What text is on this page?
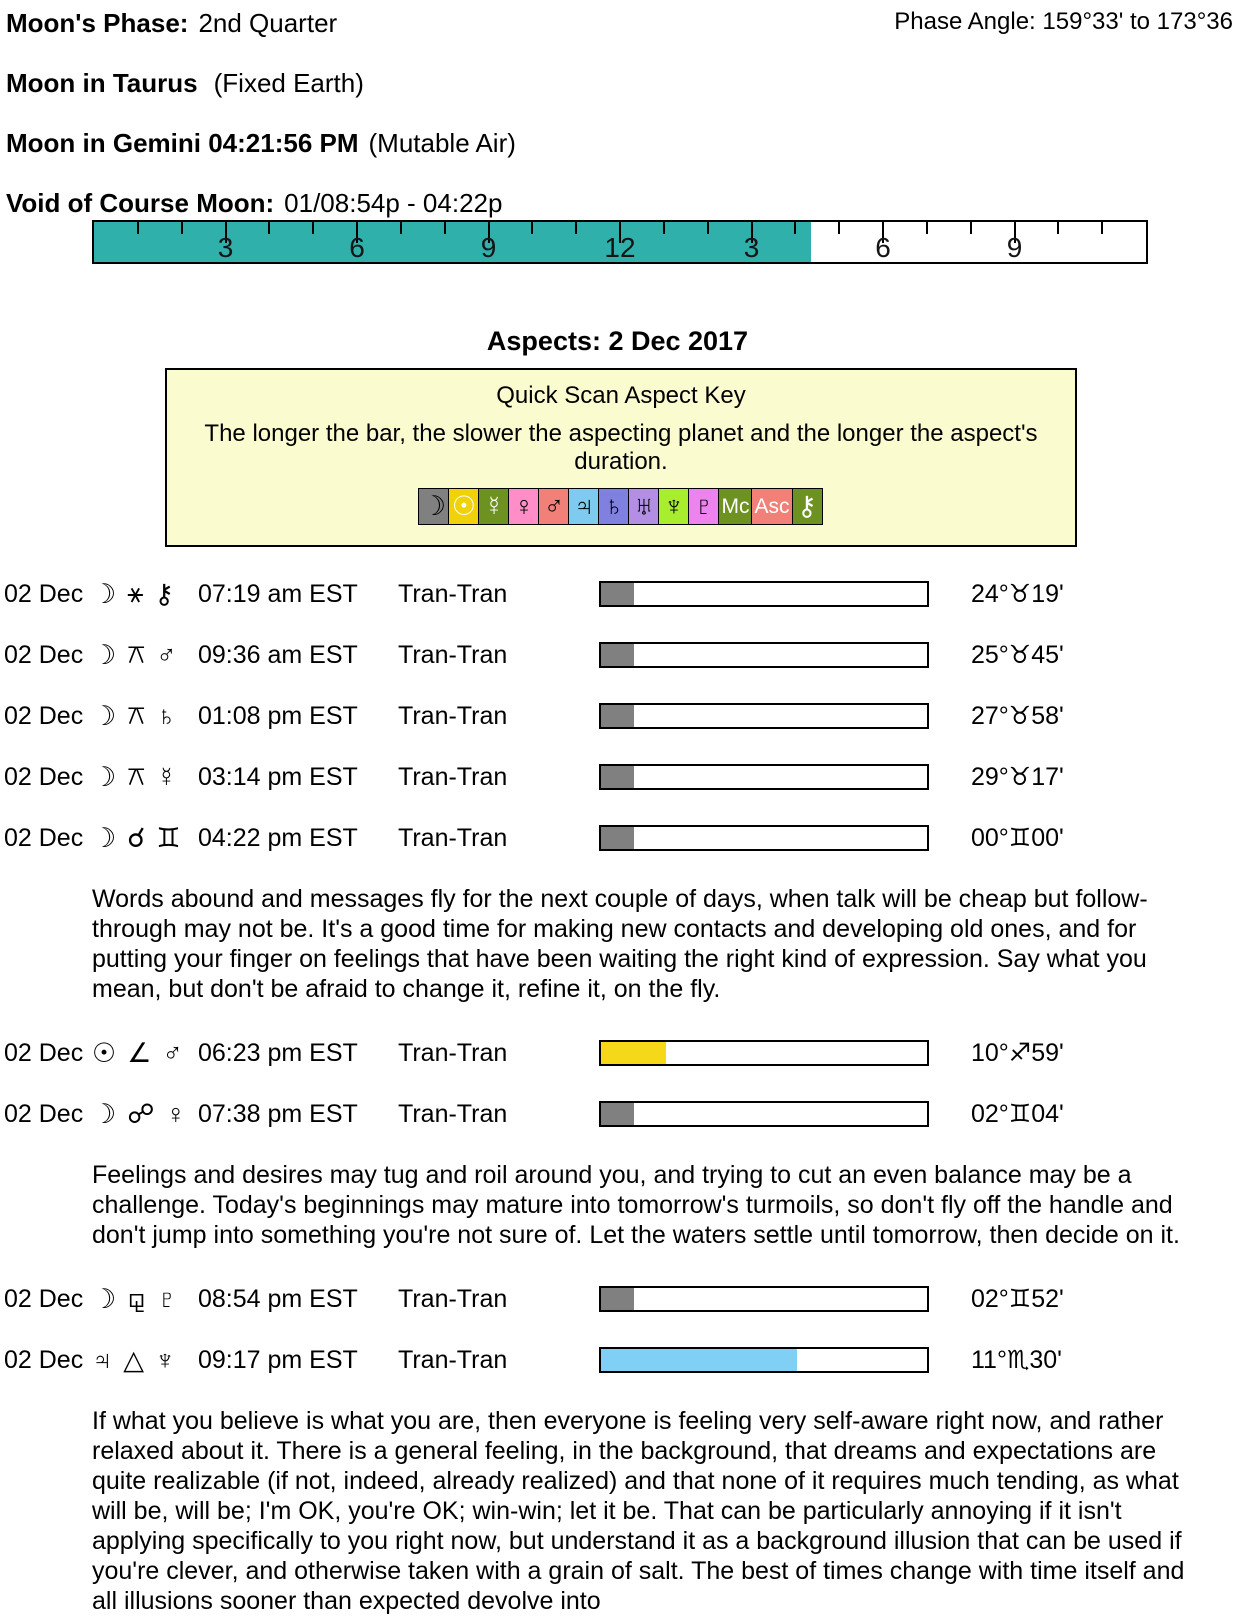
Moon's Phase: 2nd Quarter	Phase Angle: 159°33' to 173°36
Moon in Taurus (Fixed Earth)
Moon in Gemini 04:21:56 PM (Mutable Air)
Void of Course Moon: 01/08:54p - 04:22p
3	6	9	12	3	6	9
Aspects: 2 Dec 2017
Quick Scan Aspect Key
The longer the bar, the slower the aspecting planet and the longer the aspect's duration.
☽ ☉ ☿ ♀ ♂ ♃ ♄ ♅ ♆ ♇ Mc Asc ⚷
02 Dec ☽ ⚹ ⚷ 07:19 am EST	Tran-Tran	24°♉19'
02 Dec ☽ ⚻ ♂ 09:36 am EST	Tran-Tran	25°♉45'
02 Dec ☽ ⚻ ♄ 01:08 pm EST	Tran-Tran	27°♉58'
02 Dec ☽ ⚻ ☿ 03:14 pm EST	Tran-Tran	29°♉17'
02 Dec ☽ ☌ ♊ 04:22 pm EST	Tran-Tran	00°♊00'
Words abound and messages fly for the next couple of days, when talk will be cheap but follow-through may not be. It's a good time for making new contacts and developing old ones, and for putting your finger on feelings that have been waiting the right kind of expression. Say what you mean, but don't be afraid to change it, refine it, on the fly.
02 Dec ☉ ∠ ♂ 06:23 pm EST	Tran-Tran	10°♐59'
02 Dec ☽ ☍ ♀ 07:38 pm EST	Tran-Tran	02°♊04'
Feelings and desires may tug and roil around you, and trying to cut an even balance may be a challenge. Today's beginnings may mature into tomorrow's turmoils, so don't fly off the handle and don't jump into something you're not sure of. Let the waters settle until tomorrow, then decide on it.
02 Dec ☽ ⚼ ♇ 08:54 pm EST	Tran-Tran	02°♊52'
02 Dec ♃ △ ♆ 09:17 pm EST	Tran-Tran	11°♏30'
If what you believe is what you are, then everyone is feeling very self-aware right now, and rather relaxed about it. There is a general feeling, in the background, that dreams and expectations are quite realizable (if not, indeed, already realized) and that none of it requires much tending, as what will be, will be; I'm OK, you're OK; win-win; let it be. That can be particularly annoying if it isn't applying specifically to you right now, but understand it as a background illusion that can be used if you're clever, and otherwise taken with a grain of salt. The best of times change with time itself and all illusions sooner than expected devolve into
